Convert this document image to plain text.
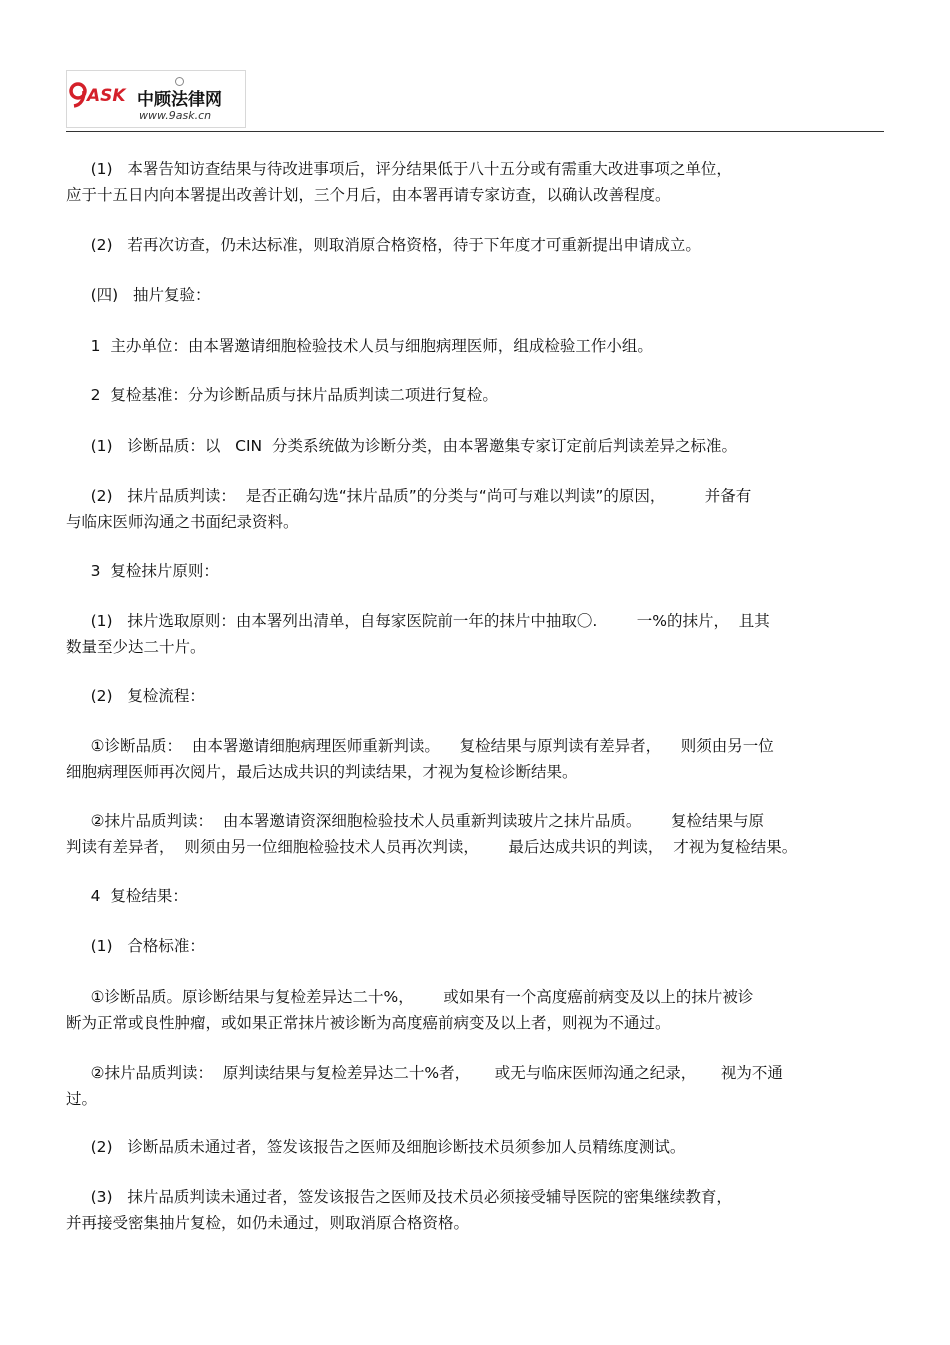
ASK 中顾法律网
www.9ask.cn
(1)   本署告知访查结果与待改进事项后，评分结果低于八十五分或有需重大改进事项之单位，
应于十五日内向本署提出改善计划，三个月后，由本署再请专家访查，以确认改善程度。
(2)   若再次访查，仍未达标准，则取消原合格资格，待于下年度才可重新提出申请成立。
(四)   抽片复验：
1  主办单位：由本署邀请细胞检验技术人员与细胞病理医师，组成检验工作小组。
2  复检基准：分为诊断品质与抹片品质判读二项进行复检。
(1)   诊断品质：以   CIN  分类系统做为诊断分类，由本署邀集专家订定前后判读差异之标准。
(2)   抹片品质判读：  是否正确勾选“抹片品质”的分类与“尚可与难以判读”的原因，        并备有
与临床医师沟通之书面纪录资料。
3  复检抹片原则：
(1)   抹片选取原则：由本署列出清单，自每家医院前一年的抹片中抽取〇.        一%的抹片，  且其
数量至少达二十片。
(2)   复检流程：
①诊断品质：  由本署邀请细胞病理医师重新判读。    复检结果与原判读有差异者，    则须由另一位
细胞病理医师再次阅片，最后达成共识的判读结果，才视为复检诊断结果。
②抹片品质判读：  由本署邀请资深细胞检验技术人员重新判读玻片之抹片品质。      复检结果与原
判读有差异者，  则须由另一位细胞检验技术人员再次判读，      最后达成共识的判读，  才视为复检结果。
4  复检结果：
(1)   合格标准：
①诊断品质。原诊断结果与复检差异达二十%，      或如果有一个高度癌前病变及以上的抹片被诊
断为正常或良性肿瘤，或如果正常抹片被诊断为高度癌前病变及以上者，则视为不通过。
②抹片品质判读：  原判读结果与复检差异达二十%者，     或无与临床医师沟通之纪录，     视为不通
过。
(2)   诊断品质未通过者，签发该报告之医师及细胞诊断技术员须参加人员精练度测试。
(3)   抹片品质判读未通过者，签发该报告之医师及技术员必须接受辅导医院的密集继续教育，
并再接受密集抽片复检，如仍未通过，则取消原合格资格。
